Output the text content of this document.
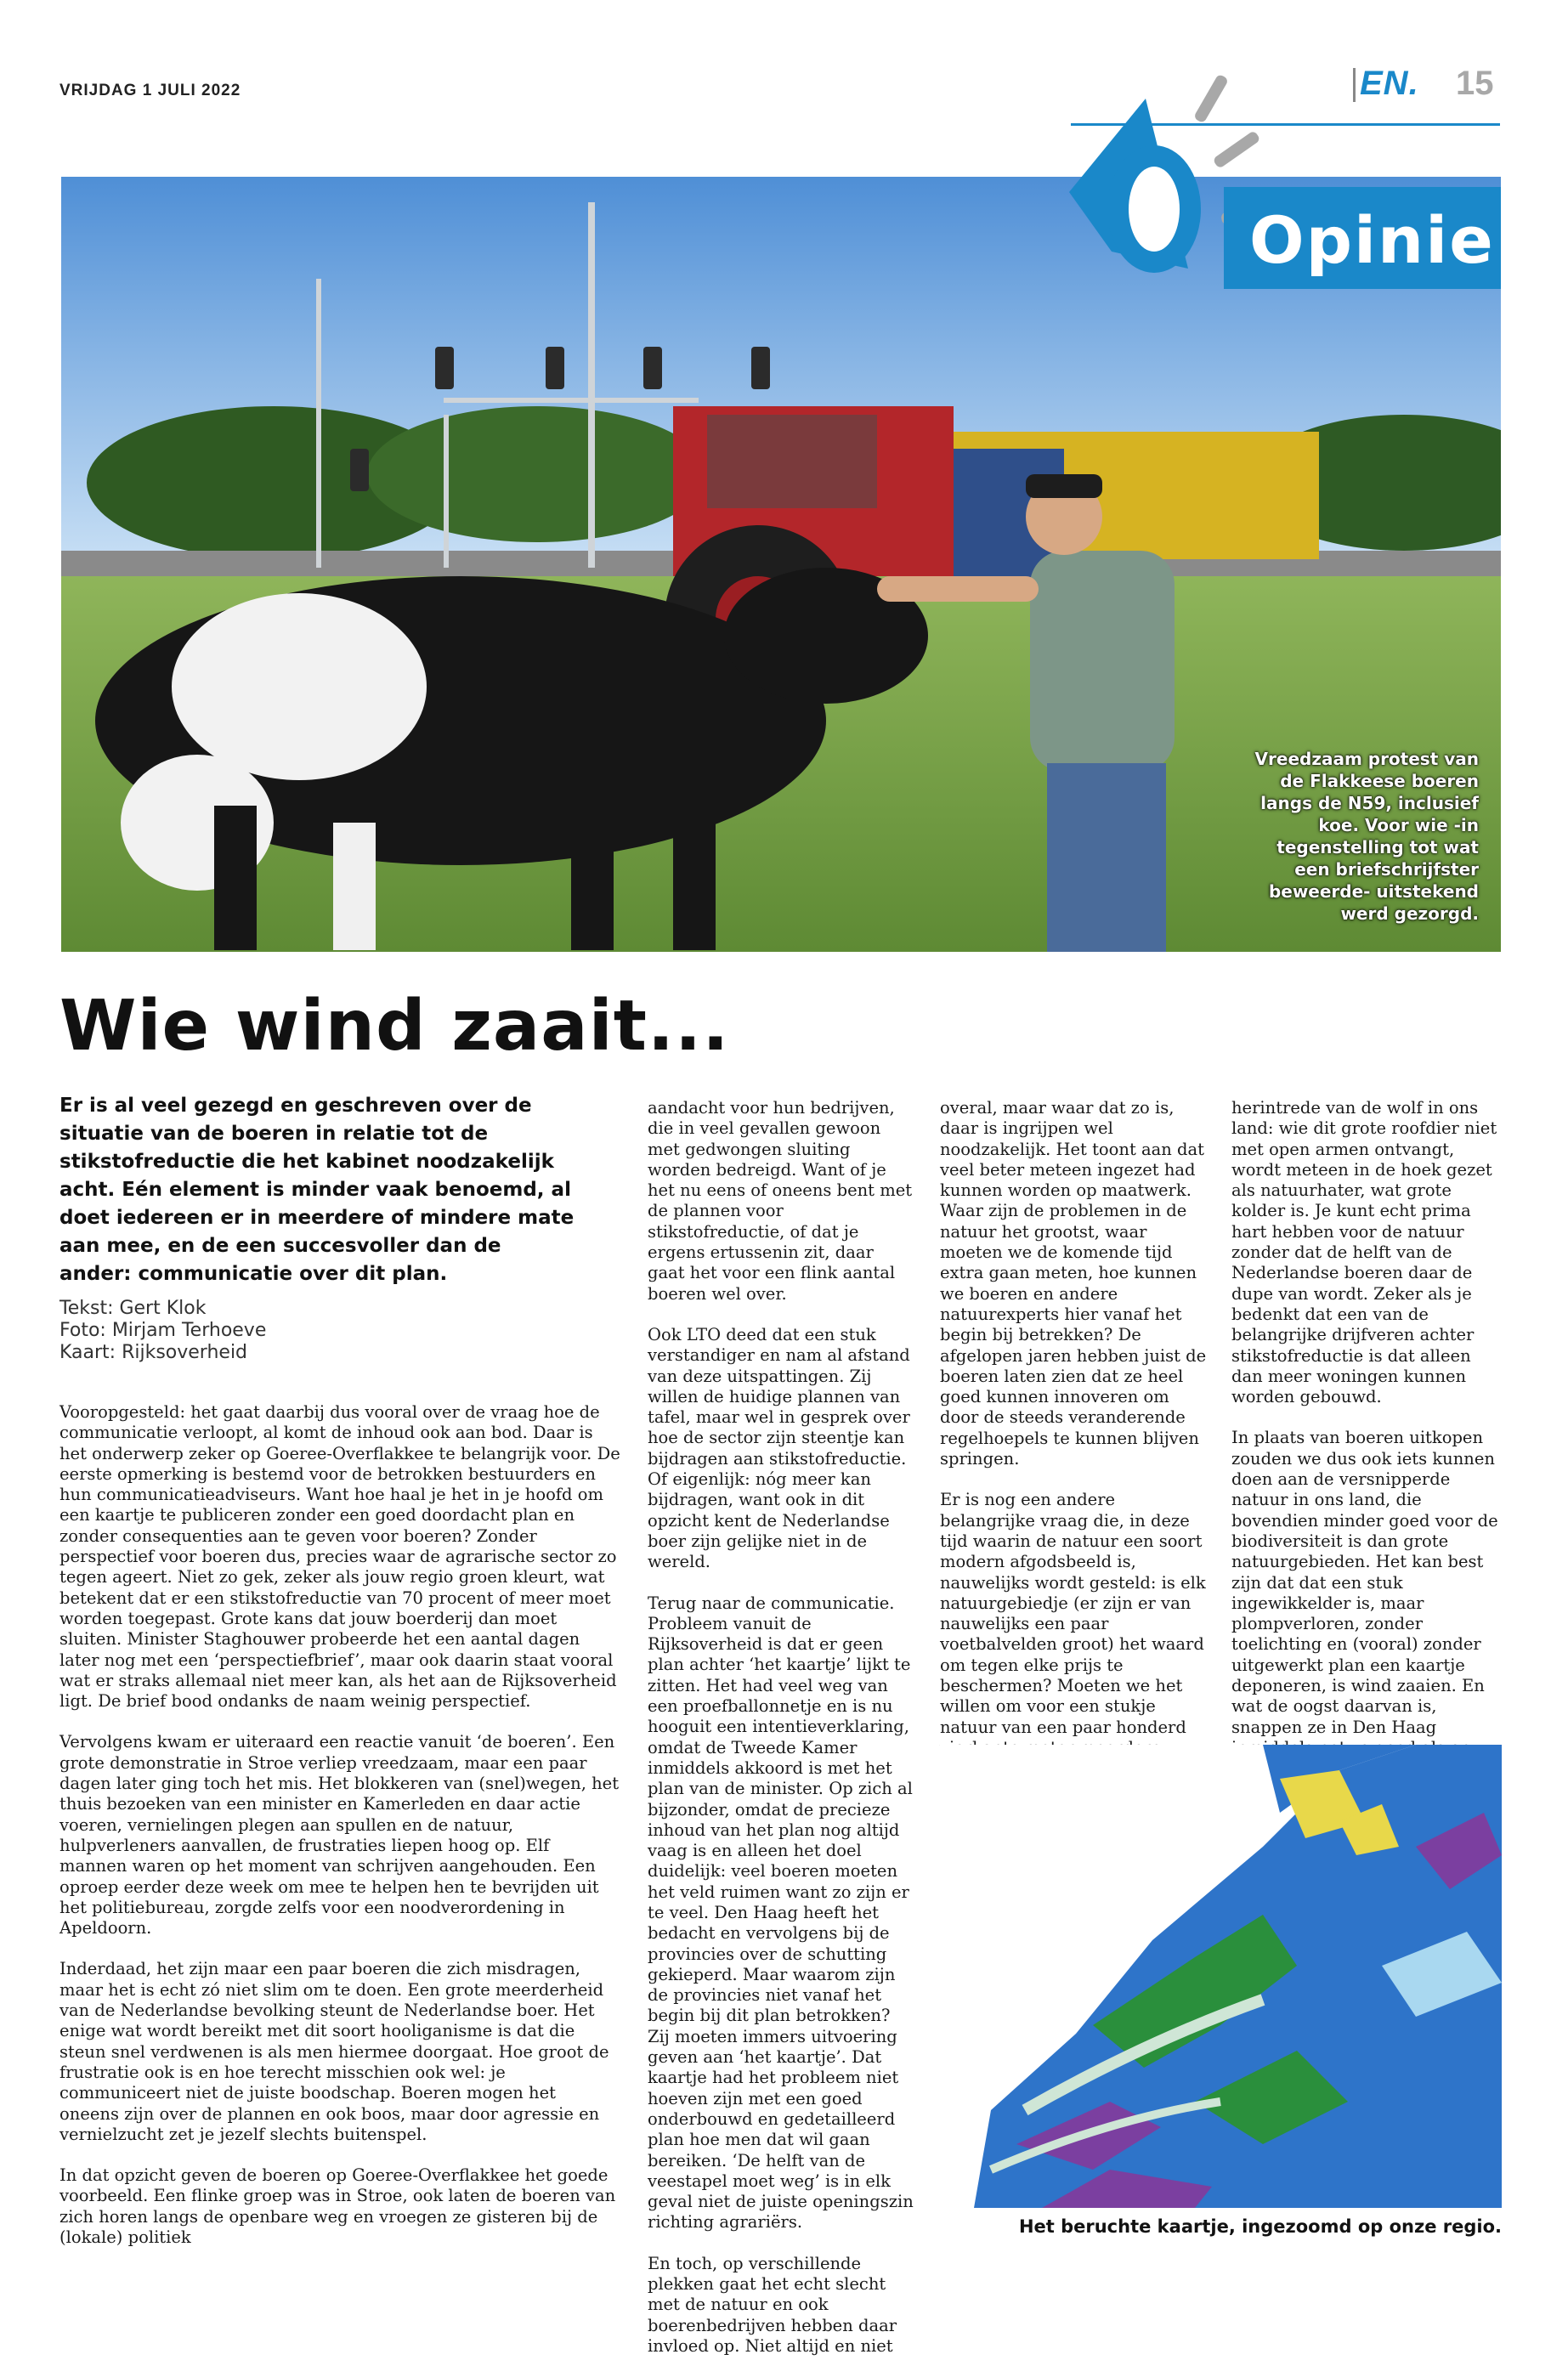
VRIJDAG 1 JULI 2022	EN. 15
Opinie
Vreedzaam protest van de Flakkeese boeren langs de N59, inclusief koe. Voor wie -in tegenstelling tot wat een briefschrijfster beweerde- uitstekend werd gezorgd.
Wie wind zaait...
Er is al veel gezegd en geschreven over de situatie van de boeren in relatie tot de stikstofreductie die het kabinet noodzakelijk acht. Eén element is minder vaak benoemd, al doet iedereen er in meerdere of mindere mate aan mee, en de een succesvoller dan de ander: communicatie over dit plan.
Tekst: Gert Klok
Foto: Mirjam Terhoeve
Kaart: Rijksoverheid

Vooropgesteld: het gaat daarbij dus vooral over de vraag hoe de communicatie verloopt, al komt de inhoud ook aan bod. Daar is het onderwerp zeker op Goeree-Overflakkee te belangrijk voor. De eerste opmerking is bestemd voor de betrokken bestuurders en hun communicatieadviseurs. Want hoe haal je het in je hoofd om een kaartje te publiceren zonder een goed doordacht plan en zonder consequenties aan te geven voor boeren? Zonder perspectief voor boeren dus, precies waar de agrarische sector zo tegen ageert. Niet zo gek, zeker als jouw regio groen kleurt, wat betekent dat er een stikstofreductie van 70 procent of meer moet worden toegepast. Grote kans dat jouw boerderij dan moet sluiten. Minister Staghouwer probeerde het een aantal dagen later nog met een ‘perspectiefbrief’, maar ook daarin staat vooral wat er straks allemaal niet meer kan, als het aan de Rijksoverheid ligt. De brief bood ondanks de naam weinig perspectief.

Vervolgens kwam er uiteraard een reactie vanuit ‘de boeren’. Een grote demonstratie in Stroe verliep vreedzaam, maar een paar dagen later ging toch het mis. Het blokkeren van (snel)wegen, het thuis bezoeken van een minister en Kamerleden en daar actie voeren, vernielingen plegen aan spullen en de natuur, hulpverleners aanvallen, de frustraties liepen hoog op. Elf mannen waren op het moment van schrijven aangehouden. Een oproep eerder deze week om mee te helpen hen te bevrijden uit het politiebureau, zorgde zelfs voor een noodverordening in Apeldoorn.

Inderdaad, het zijn maar een paar boeren die zich misdragen, maar het is echt zó niet slim om te doen. Een grote meerderheid van de Nederlandse bevolking steunt de Nederlandse boer. Het enige wat wordt bereikt met dit soort hooliganisme is dat die steun snel verdwenen is als men hiermee doorgaat. Hoe groot de frustratie ook is en hoe terecht misschien ook wel: je communiceert niet de juiste boodschap. Boeren mogen het oneens zijn over de plannen en ook boos, maar door agressie en vernielzucht zet je jezelf slechts buitenspel.

In dat opzicht geven de boeren op Goeree-Overflakkee het goede voorbeeld. Een flinke groep was in Stroe, ook laten de boeren van zich horen langs de openbare weg en vroegen ze gisteren bij de (lokale) politiek

aandacht voor hun bedrijven, die in veel gevallen gewoon met gedwongen sluiting worden bedreigd. Want of je het nu eens of oneens bent met de plannen voor stikstofreductie, of dat je ergens ertussenin zit, daar gaat het voor een flink aantal boeren wel over.

Ook LTO deed dat een stuk verstandiger en nam al afstand van deze uitspattingen. Zij willen de huidige plannen van tafel, maar wel in gesprek over hoe de sector zijn steentje kan bijdragen aan stikstofreductie. Of eigenlijk: nóg meer kan bijdragen, want ook in dit opzicht kent de Nederlandse boer zijn gelijke niet in de wereld.

Terug naar de communicatie. Probleem vanuit de Rijksoverheid is dat er geen plan achter ‘het kaartje’ lijkt te zitten. Het had veel weg van een proefballonnetje en is nu hooguit een intentieverklaring, omdat de Tweede Kamer inmiddels akkoord is met het plan van de minister. Op zich al bijzonder, omdat de precieze inhoud van het plan nog altijd vaag is en alleen het doel duidelijk: veel boeren moeten het veld ruimen want zo zijn er te veel. Den Haag heeft het bedacht en vervolgens bij de provincies over de schutting gekieperd. Maar waarom zijn de provincies niet vanaf het begin bij dit plan betrokken? Zij moeten immers uitvoering geven aan ‘het kaartje’. Dat kaartje had het probleem niet hoeven zijn met een goed onderbouwd en gedetailleerd plan hoe men dat wil gaan bereiken. ‘De helft van de veestapel moet weg’ is in elk geval niet de juiste openingszin richting agrariërs.

En toch, op verschillende plekken gaat het echt slecht met de natuur en ook boerenbedrijven hebben daar invloed op. Niet altijd en niet

overal, maar waar dat zo is, daar is ingrijpen wel noodzakelijk. Het toont aan dat veel beter meteen ingezet had kunnen worden op maatwerk. Waar zijn de problemen in de natuur het grootst, waar moeten we de komende tijd extra gaan meten, hoe kunnen we boeren en andere natuurexperts hier vanaf het begin bij betrekken? De afgelopen jaren hebben juist de boeren laten zien dat ze heel goed kunnen innoveren om door de steeds veranderende regelhoepels te kunnen blijven springen.

Er is nog een andere belangrijke vraag die, in deze tijd waarin de natuur een soort modern afgodsbeeld is, nauwelijks wordt gesteld: is elk natuurgebiedje (er zijn er van nauwelijks een paar voetbalvelden groot) het waard om tegen elke prijs te beschermen? Moeten we het willen om voor een stukje natuur van een paar honderd

herintrede van de wolf in ons land: wie dit grote roofdier niet met open armen ontvangt, wordt meteen in de hoek gezet als natuurhater, wat grote kolder is. Je kunt echt prima hart hebben voor de natuur zonder dat de helft van de Nederlandse boeren daar de dupe van wordt. Zeker als je bedenkt dat een van de belangrijke drijfveren achter stikstofreductie is dat alleen dan meer woningen kunnen worden gebouwd.

In plaats van boeren uitkopen zouden we dus ook iets kunnen doen aan de versnipperde natuur in ons land, die bovendien minder goed voor de biodiversiteit is dan grote natuurgebieden. Het kan best zijn dat dat een stuk ingewikkelder is, maar plompverloren, zonder toelichting en (vooral) zonder uitgewerkt plan een kaartje deponeren, is wind zaaien. En wat de oogst daarvan is, snappen ze in Den Haag

Het beruchte kaartje, ingezoomd op onze regio.
